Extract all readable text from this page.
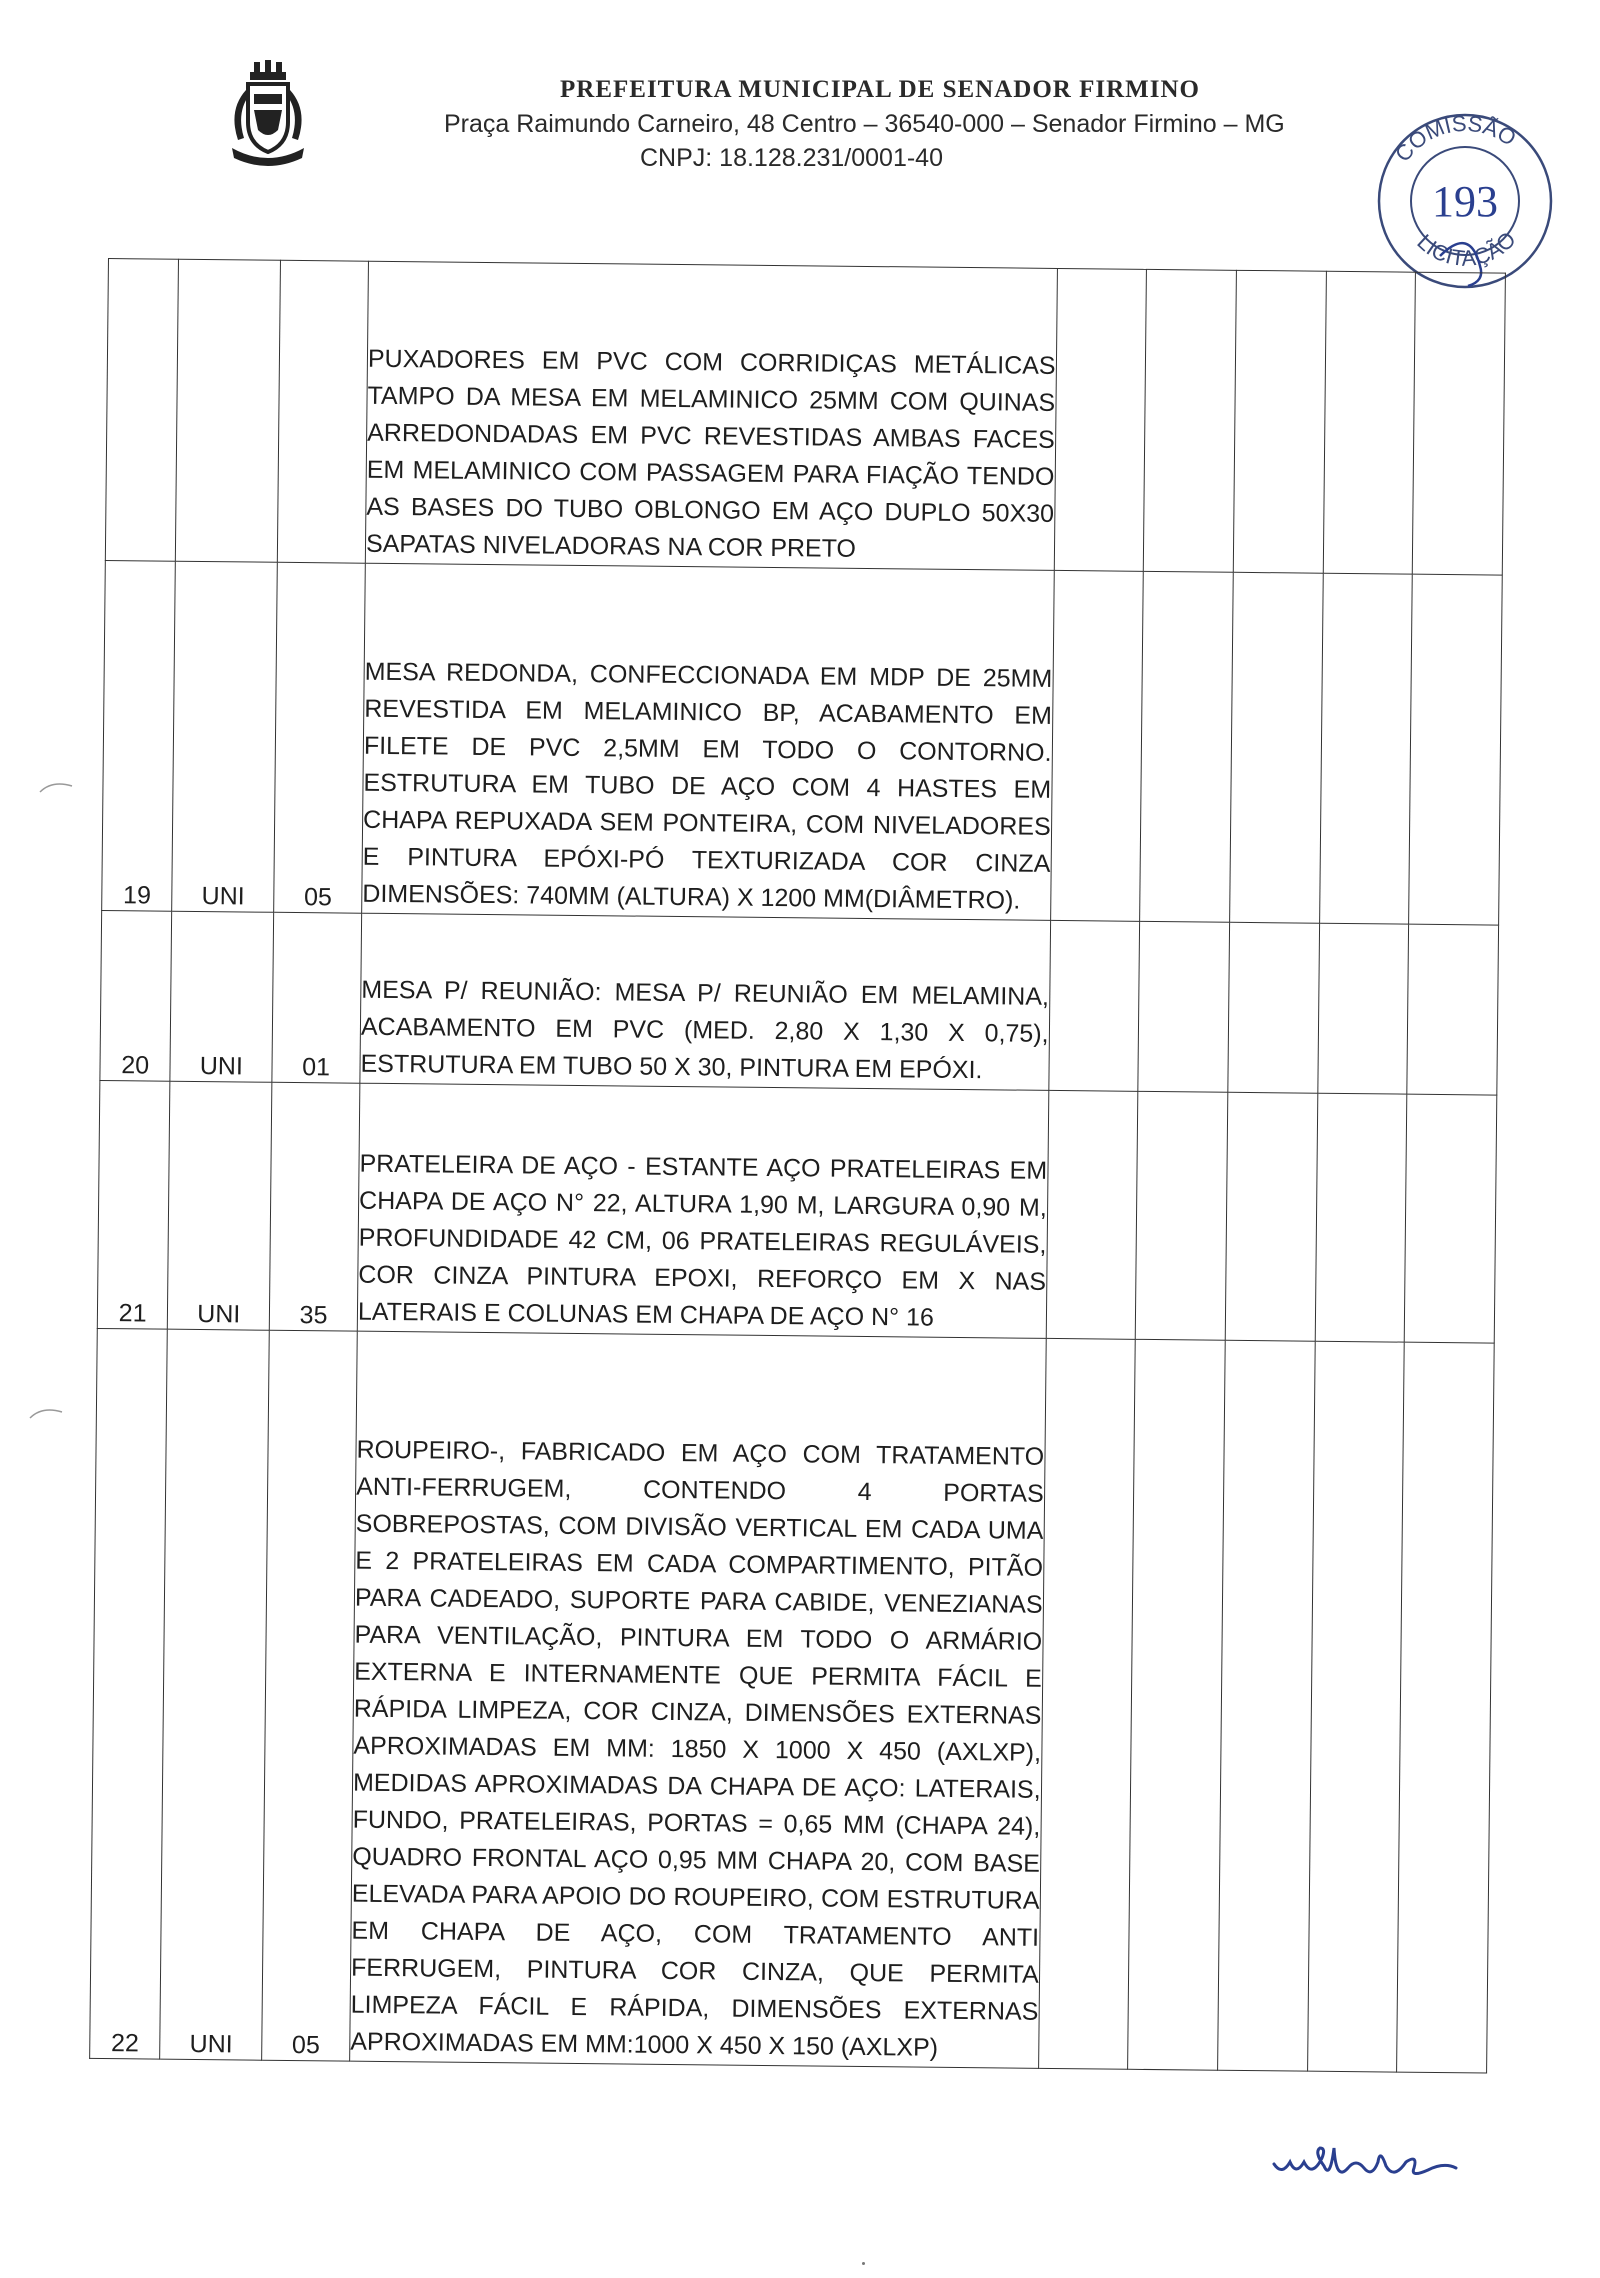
PREFEITURA MUNICIPAL DE SENADOR FIRMINO
Praça Raimundo Carneiro, 48 Centro – 36540-000 – Senador Firmino – MG
CNPJ: 18.128.231/0001-40	COMISSÃO
LICITAÇÃO
193
			PUXADORES EM PVC COM CORRIDIÇAS METÁLICAS TAMPO DA MESA EM MELAMINICO 25MM COM QUINAS ARREDONDADAS EM PVC REVESTIDAS AMBAS FACES EM MELAMINICO COM PASSAGEM PARA FIAÇÃO TENDO AS BASES DO TUBO OBLONGO EM AÇO DUPLO 50X30 SAPATAS NIVELADORAS NA COR PRETO					
19	UNI	05	MESA REDONDA, CONFECCIONADA EM MDP DE 25MM REVESTIDA EM MELAMINICO BP, ACABAMENTO EM FILETE DE PVC 2,5MM EM TODO O CONTORNO. ESTRUTURA EM TUBO DE AÇO COM 4 HASTES EM CHAPA REPUXADA SEM PONTEIRA, COM NIVELADORES E PINTURA EPÓXI-PÓ TEXTURIZADA COR CINZA DIMENSÕES: 740MM (ALTURA) X 1200 MM(DIÂMETRO).					
20	UNI	01	MESA P/ REUNIÃO: MESA P/ REUNIÃO EM MELAMINA, ACABAMENTO EM PVC (MED. 2,80 X 1,30 X 0,75), ESTRUTURA EM TUBO 50 X 30, PINTURA EM EPÓXI.					
21	UNI	35	PRATELEIRA DE AÇO - ESTANTE AÇO PRATELEIRAS EM CHAPA DE AÇO N° 22, ALTURA 1,90 M, LARGURA 0,90 M, PROFUNDIDADE 42 CM, 06 PRATELEIRAS REGULÁVEIS, COR CINZA PINTURA EPOXI, REFORÇO EM X NAS LATERAIS E COLUNAS EM CHAPA DE AÇO N° 16					
22	UNI	05	ROUPEIRO-, FABRICADO EM AÇO COM TRATAMENTO ANTI-FERRUGEM, CONTENDO 4 PORTAS SOBREPOSTAS, COM DIVISÃO VERTICAL EM CADA UMA E 2 PRATELEIRAS EM CADA COMPARTIMENTO, PITÃO PARA CADEADO, SUPORTE PARA CABIDE, VENEZIANAS PARA VENTILAÇÃO, PINTURA EM TODO O ARMÁRIO EXTERNA E INTERNAMENTE QUE PERMITA FÁCIL E RÁPIDA LIMPEZA, COR CINZA, DIMENSÕES EXTERNAS APROXIMADAS EM MM: 1850 X 1000 X 450 (AXLXP), MEDIDAS APROXIMADAS DA CHAPA DE AÇO: LATERAIS, FUNDO, PRATELEIRAS, PORTAS = 0,65 MM (CHAPA 24), QUADRO FRONTAL AÇO 0,95 MM CHAPA 20, COM BASE ELEVADA PARA APOIO DO ROUPEIRO, COM ESTRUTURA EM CHAPA DE AÇO, COM TRATAMENTO ANTI FERRUGEM, PINTURA COR CINZA, QUE PERMITA LIMPEZA FÁCIL E RÁPIDA, DIMENSÕES EXTERNAS APROXIMADAS EM MM:1000 X 450 X 150 (AXLXP)					
